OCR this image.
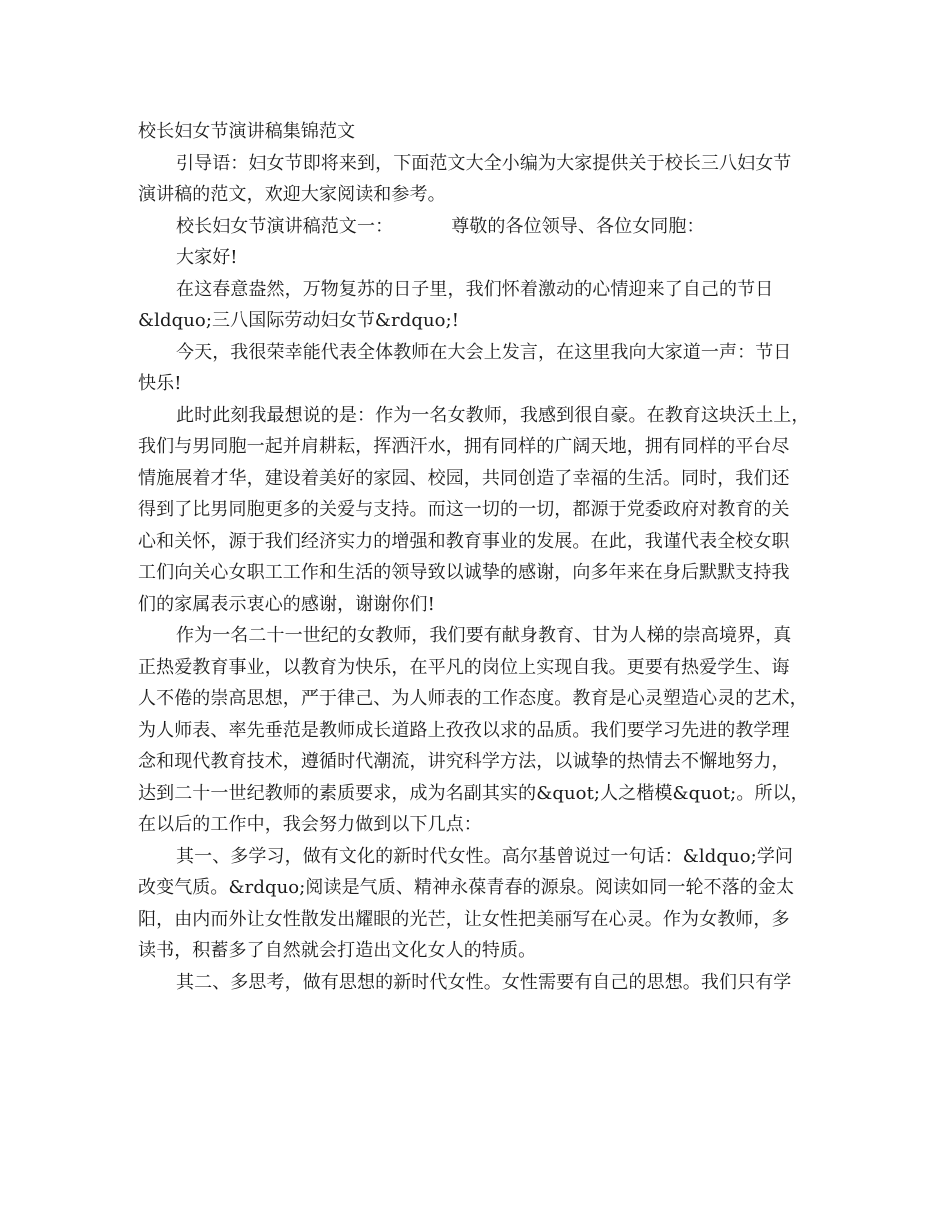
校长妇女节演讲稿集锦范文
引导语：妇女节即将来到，下面范文大全小编为大家提供关于校长三八妇女节
演讲稿的范文，欢迎大家阅读和参考。
校长妇女节演讲稿范文一：	尊敬的各位领导、各位女同胞：
大家好!
在这春意盎然，万物复苏的日子里，我们怀着激动的心情迎来了自己的节日
&ldquo;三八国际劳动妇女节&rdquo;!
今天，我很荣幸能代表全体教师在大会上发言，在这里我向大家道一声：节日
快乐!
此时此刻我最想说的是：作为一名女教师，我感到很自豪。在教育这块沃土上，
我们与男同胞一起并肩耕耘，挥洒汗水，拥有同样的广阔天地，拥有同样的平台尽
情施展着才华，建设着美好的家园、校园，共同创造了幸福的生活。同时，我们还
得到了比男同胞更多的关爱与支持。而这一切的一切，都源于党委政府对教育的关
心和关怀，源于我们经济实力的增强和教育事业的发展。在此，我谨代表全校女职
工们向关心女职工工作和生活的领导致以诚挚的感谢，向多年来在身后默默支持我
们的家属表示衷心的感谢，谢谢你们!
作为一名二十一世纪的女教师，我们要有献身教育、甘为人梯的崇高境界，真
正热爱教育事业，以教育为快乐，在平凡的岗位上实现自我。更要有热爱学生、诲
人不倦的崇高思想，严于律己、为人师表的工作态度。教育是心灵塑造心灵的艺术，
为人师表、率先垂范是教师成长道路上孜孜以求的品质。我们要学习先进的教学理
念和现代教育技术，遵循时代潮流，讲究科学方法，以诚挚的热情去不懈地努力，
达到二十一世纪教师的素质要求，成为名副其实的&quot;人之楷模&quot;。所以，
在以后的工作中，我会努力做到以下几点：
其一、多学习，做有文化的新时代女性。高尔基曾说过一句话：&ldquo;学问
改变气质。&rdquo;阅读是气质、精神永葆青春的源泉。阅读如同一轮不落的金太
阳，由内而外让女性散发出耀眼的光芒，让女性把美丽写在心灵。作为女教师，多
读书，积蓄多了自然就会打造出文化女人的特质。
其二、多思考，做有思想的新时代女性。女性需要有自己的思想。我们只有学
